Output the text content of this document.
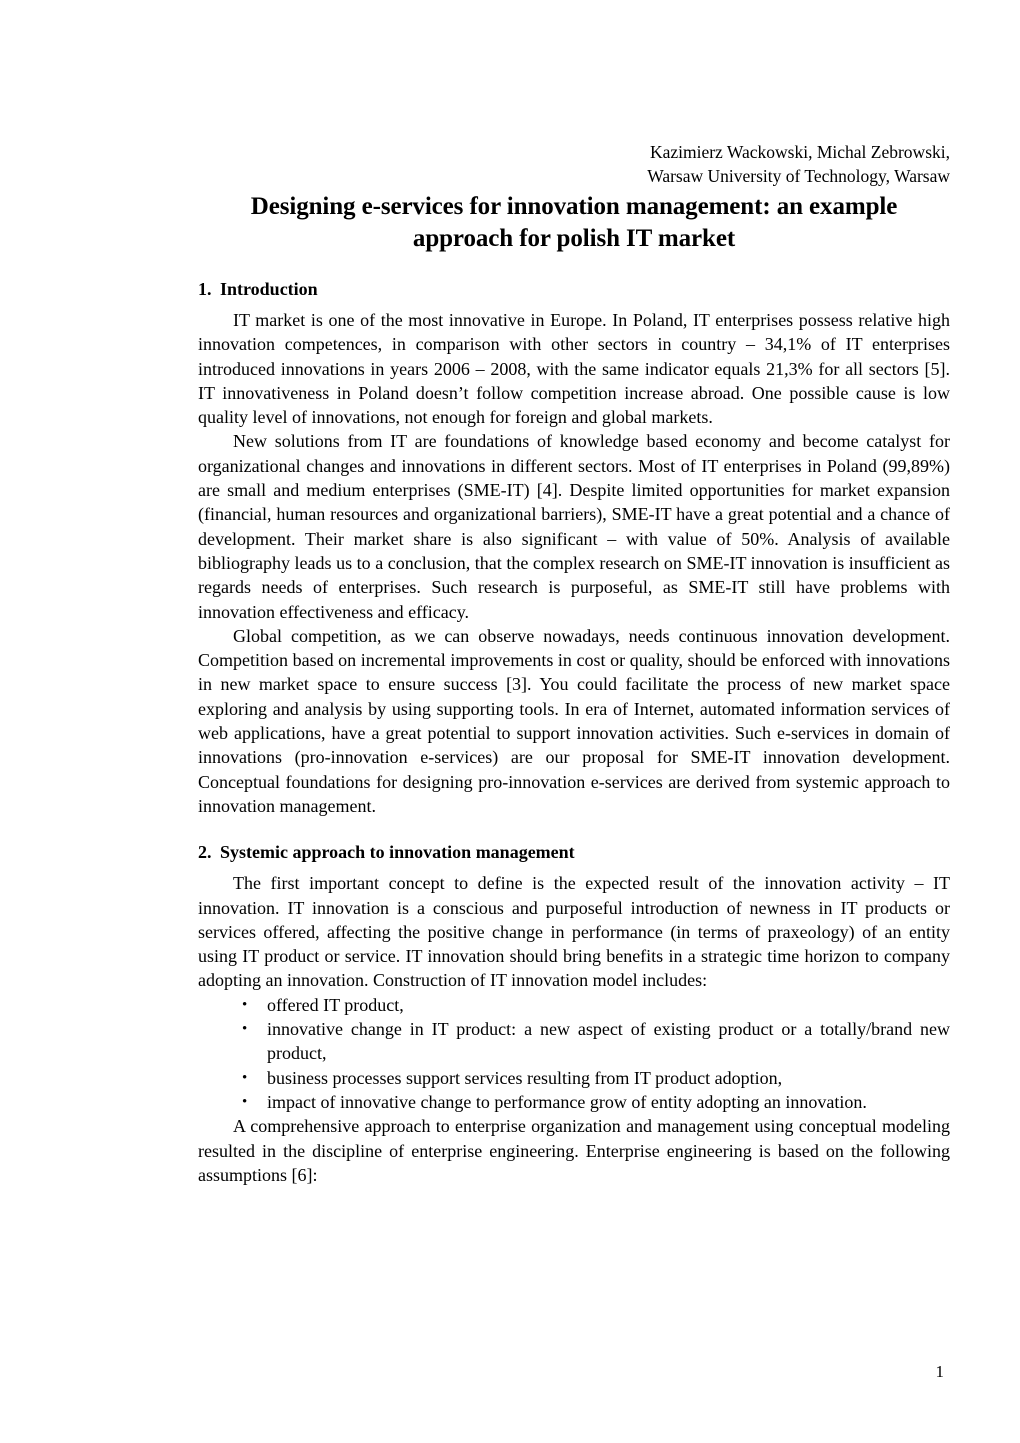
Kazimierz Wackowski, Michal Zebrowski,
Warsaw University of Technology, Warsaw
Designing e-services for innovation management: an example
approach for polish IT market
1. Introduction

IT market is one of the most innovative in Europe. In Poland, IT enterprises possess relative high innovation competences, in comparison with other sectors in country – 34,1% of IT enterprises introduced innovations in years 2006 – 2008, with the same indicator equals 21,3% for all sectors [5]. IT innovativeness in Poland doesn’t follow competition increase abroad. One possible cause is low quality level of innovations, not enough for foreign and global markets.

New solutions from IT are foundations of knowledge based economy and become catalyst for organizational changes and innovations in different sectors. Most of IT enterprises in Poland (99,89%) are small and medium enterprises (SME-IT) [4]. Despite limited opportunities for market expansion (financial, human resources and organizational barriers), SME-IT have a great potential and a chance of development. Their market share is also significant – with value of 50%. Analysis of available bibliography leads us to a conclusion, that the complex research on SME-IT innovation is insufficient as regards needs of enterprises. Such research is purposeful, as SME-IT still have problems with innovation effectiveness and efficacy.

Global competition, as we can observe nowadays, needs continuous innovation development. Competition based on incremental improvements in cost or quality, should be enforced with innovations in new market space to ensure success [3]. You could facilitate the process of new market space exploring and analysis by using supporting tools. In era of Internet, automated information services of web applications, have a great potential to support innovation activities. Such e-services in domain of innovations (pro-innovation e-services) are our proposal for SME-IT innovation development. Conceptual foundations for designing pro-innovation e-services are derived from systemic approach to innovation management.

2. Systemic approach to innovation management

The first important concept to define is the expected result of the innovation activity – IT innovation. IT innovation is a conscious and purposeful introduction of newness in IT products or services offered, affecting the positive change in performance (in terms of praxeology) of an entity using IT product or service. IT innovation should bring benefits in a strategic time horizon to company adopting an innovation. Construction of IT innovation model includes:

• offered IT product,
• innovative change in IT product: a new aspect of existing product or a totally/brand new product,
• business processes support services resulting from IT product adoption,
• impact of innovative change to performance grow of entity adopting an innovation.

A comprehensive approach to enterprise organization and management using conceptual modeling resulted in the discipline of enterprise engineering. Enterprise engineering is based on the following assumptions [6]:

1
